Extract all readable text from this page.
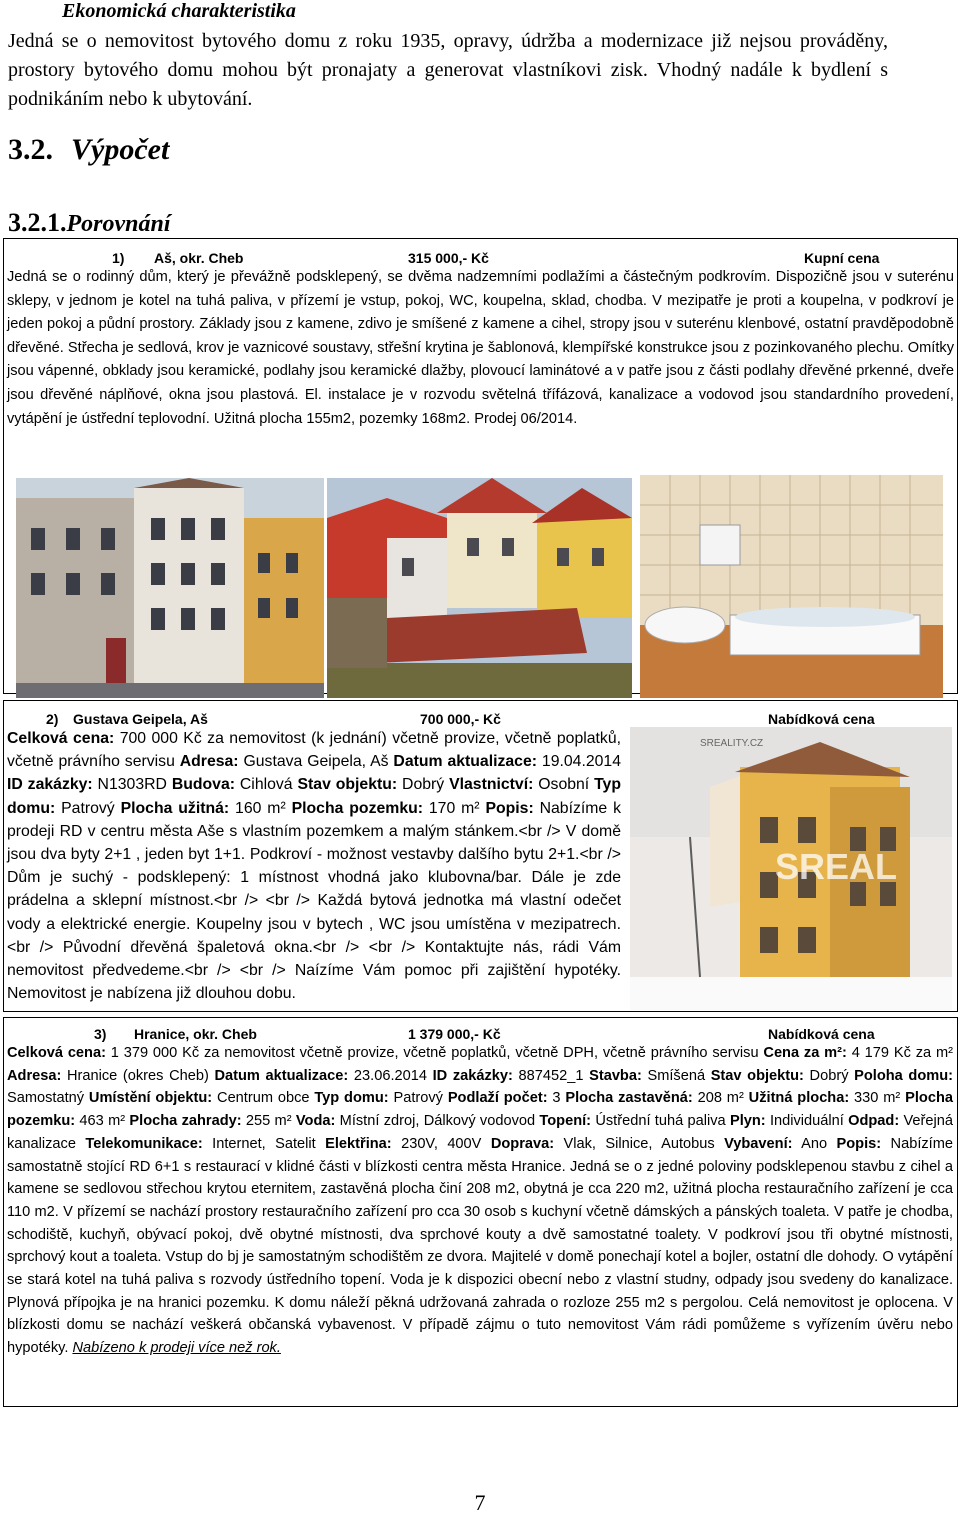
Ekonomická charakteristika
Jedná se o nemovitost bytového domu z roku 1935, opravy, údržba a modernizace již nejsou prováděny, prostory bytového domu mohou být pronajaty a generovat vlastníkovi zisk. Vhodný nadále k bydlení s podnikáním nebo k ubytování.
3.2. Výpočet
3.2.1.Porovnání
1) Aš, okr. Cheb	315 000,- Kč	Kupní cena
Jedná se o rodinný dům, který je převážně podsklepený, se dvěma nadzemními podlažími a částečným podkrovím. Dispozičně jsou v suterénu sklepy, v jednom je kotel na tuhá paliva, v přízemí je vstup, pokoj, WC, koupelna, sklad, chodba. V mezipatře je proti a koupelna, v podkroví je jeden pokoj a půdní prostory. Základy jsou z kamene, zdivo je smíšené z kamene a cihel, stropy jsou v suterénu klenbové, ostatní pravděpodobně dřevěné. Střecha je sedlová, krov je vaznicové soustavy, střešní krytina je šablonová, klempířské konstrukce jsou z pozinkovaného plechu. Omítky jsou vápenné, obklady jsou keramické, podlahy jsou keramické dlažby, plovoucí laminátové a v patře jsou z části podlahy dřevěné prkenné, dveře jsou dřevěné náplňové, okna jsou plastová. El. instalace je v rozvodu světelná třífázová, kanalizace a vodovod jsou standardního provedení, vytápění je ústřední teplovodní. Užitná plocha 155m2, pozemky 168m2. Prodej 06/2014.
2) Gustava Geipela, Aš	700 000,- Kč	Nabídková cena
Celková cena: 700 000 Kč za nemovitost (k jednání) včetně provize, včetně poplatků, včetně právního servisu Adresa: Gustava Geipela, Aš Datum aktualizace: 19.04.2014 ID zakázky: N1303RD Budova: Cihlová Stav objektu: Dobrý Vlastnictví: Osobní Typ domu: Patrový Plocha užitná: 160 m² Plocha pozemku: 170 m² Popis: Nabízíme k prodeji RD v centru města Aše s vlastním pozemkem a malým stánkem.<br /> V domě jsou dva byty 2+1 , jeden byt 1+1. Podkroví - možnost vestavby dalšího bytu 2+1.<br /> Dům je suchý - podsklepený: 1 místnost vhodná jako klubovna/bar. Dále je zde prádelna a sklepní místnost.<br /> <br /> Každá bytová jednotka má vlastní odečet vody a elektrické energie. Koupelny jsou v bytech , WC jsou umístěna v mezipatrech.<br /> Původní dřevěná špaletová okna.<br /> <br /> Kontaktujte nás, rádi Vám nemovitost předvedeme.<br /> <br /> Naízíme Vám pomoc při zajištění hypotéky. Nemovitost je nabízena již dlouhou dobu.
SREALITY.CZ
SREAL
3) Hranice, okr. Cheb	1 379 000,- Kč	Nabídková cena
Celková cena: 1 379 000 Kč za nemovitost včetně provize, včetně poplatků, včetně DPH, včetně právního servisu Cena za m²: 4 179 Kč za m² Adresa: Hranice (okres Cheb) Datum aktualizace: 23.06.2014 ID zakázky: 887452_1 Stavba: Smíšená Stav objektu: Dobrý Poloha domu: Samostatný Umístění objektu: Centrum obce Typ domu: Patrový Podlaží počet: 3 Plocha zastavěná: 208 m² Užitná plocha: 330 m² Plocha pozemku: 463 m² Plocha zahrady: 255 m² Voda: Místní zdroj, Dálkový vodovod Topení: Ústřední tuhá paliva Plyn: Individuální Odpad: Veřejná kanalizace Telekomunikace: Internet, Satelit Elektřina: 230V, 400V Doprava: Vlak, Silnice, Autobus Vybavení: Ano Popis: Nabízíme samostatně stojící RD 6+1 s restaurací v klidné části v blízkosti centra města Hranice. Jedná se o z jedné poloviny podsklepenou stavbu z cihel a kamene se sedlovou střechou krytou eternitem, zastavěná plocha činí 208 m2, obytná je cca 220 m2, užitná plocha restauračního zařízení je cca 110 m2. V přízemí se nachází prostory restauračního zařízení pro cca 30 osob s kuchyní včetně dámských a pánských toaleta. V patře je chodba, schodiště, kuchyň, obývací pokoj, dvě obytné místnosti, dva sprchové kouty a dvě samostatné toalety. V podkroví jsou tři obytné místnosti, sprchový kout a toaleta. Vstup do bj je samostatným schodištěm ze dvora. Majitelé v domě ponechají kotel a bojler, ostatní dle dohody. O vytápění se stará kotel na tuhá paliva s rozvody ústředního topení. Voda je k dispozici obecní nebo z vlastní studny, odpady jsou svedeny do kanalizace. Plynová přípojka je na hranici pozemku. K domu náleží pěkná udržovaná zahrada o rozloze 255 m2 s pergolou. Celá nemovitost je oplocena. V blízkosti domu se nachází veškerá občanská vybavenost. V případě zájmu o tuto nemovitost Vám rádi pomůžeme s vyřízením úvěru nebo hypotéky. Nabízeno k prodeji více než rok.
7
